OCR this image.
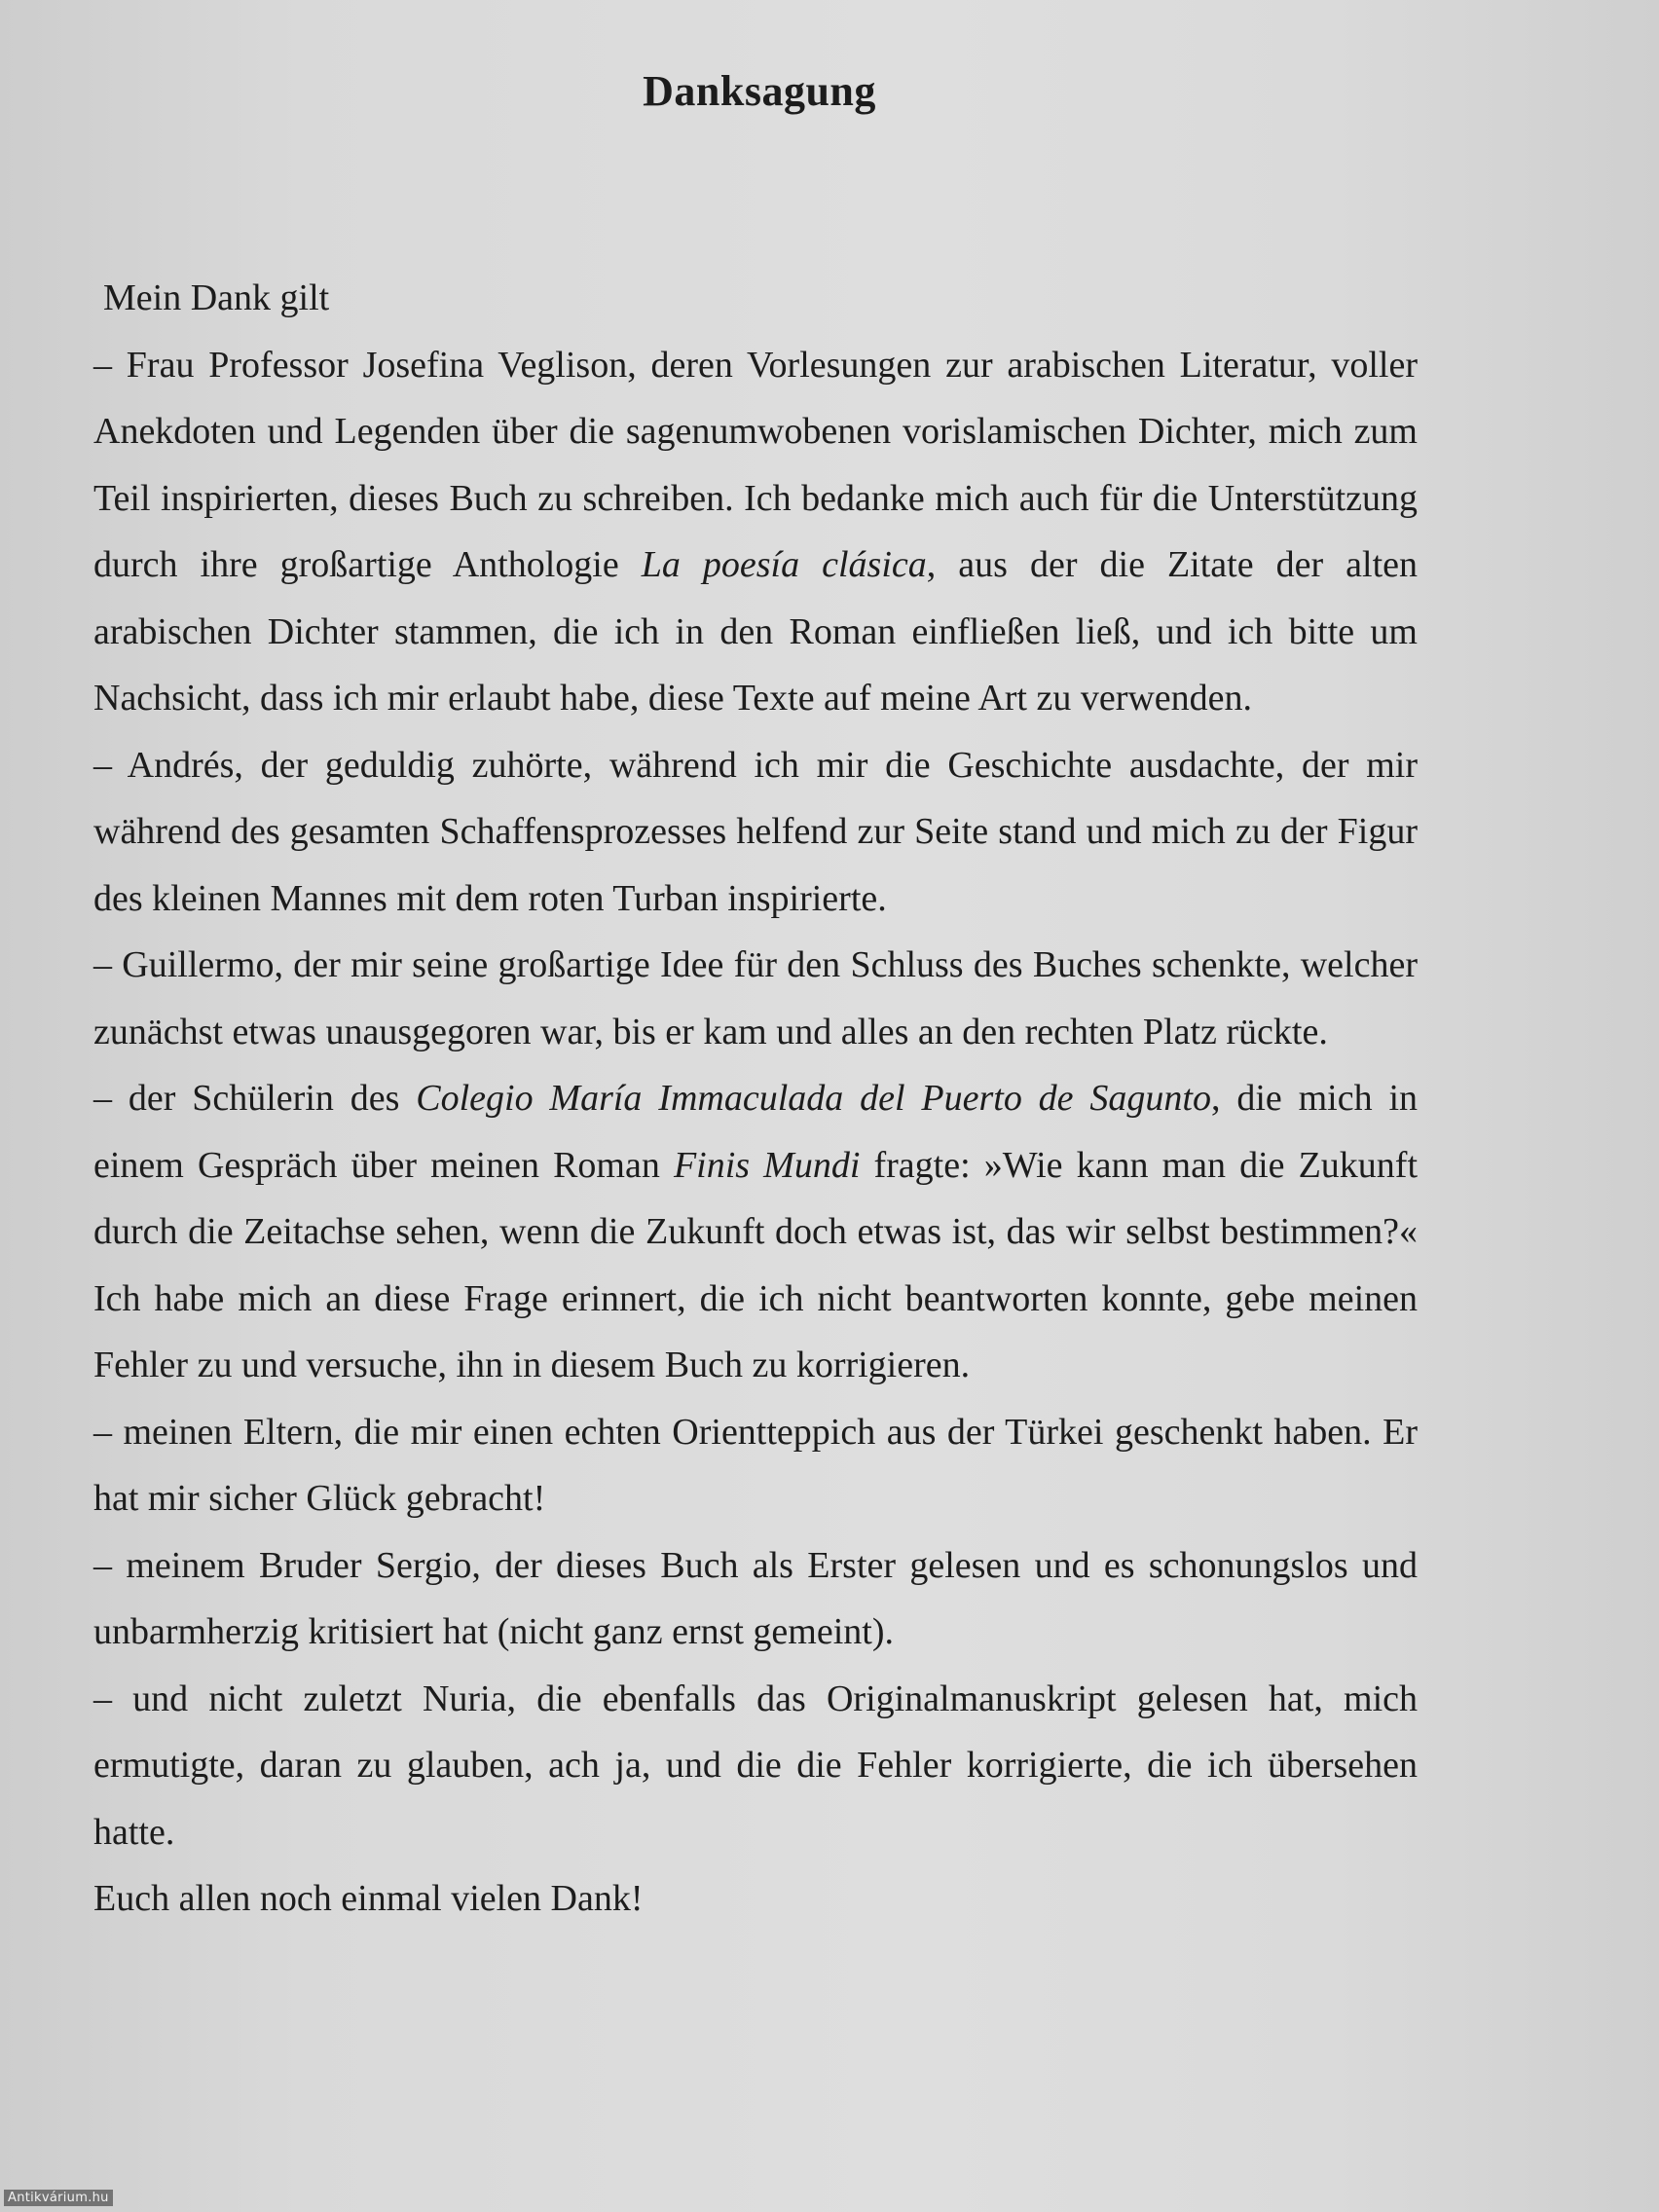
Danksagung

Mein Dank gilt

– Frau Professor Josefina Veglison, deren Vorlesungen zur arabischen Literatur, voller Anekdoten und Legenden über die sagenumwobenen vorislamischen Dichter, mich zum Teil inspirierten, dieses Buch zu schreiben. Ich bedanke mich auch für die Unterstützung durch ihre großartige Anthologie La poesía clásica, aus der die Zitate der alten arabischen Dichter stammen, die ich in den Roman einfließen ließ, und ich bitte um Nachsicht, dass ich mir erlaubt habe, diese Texte auf meine Art zu verwenden.

– Andrés, der geduldig zuhörte, während ich mir die Geschichte ausdachte, der mir während des gesamten Schaffensprozesses helfend zur Seite stand und mich zu der Figur des kleinen Mannes mit dem roten Turban inspirierte.

– Guillermo, der mir seine großartige Idee für den Schluss des Buches schenkte, welcher zunächst etwas unausgegoren war, bis er kam und alles an den rechten Platz rückte.

– der Schülerin des Colegio María Immaculada del Puerto de Sagunto, die mich in einem Gespräch über meinen Roman Finis Mundi fragte: »Wie kann man die Zukunft durch die Zeitachse sehen, wenn die Zukunft doch etwas ist, das wir selbst bestimmen?« Ich habe mich an diese Frage erinnert, die ich nicht beantworten konnte, gebe meinen Fehler zu und versuche, ihn in diesem Buch zu korrigieren.

– meinen Eltern, die mir einen echten Orientteppich aus der Türkei geschenkt haben. Er hat mir sicher Glück gebracht!

– meinem Bruder Sergio, der dieses Buch als Erster gelesen und es schonungslos und unbarmherzig kritisiert hat (nicht ganz ernst gemeint).

– und nicht zuletzt Nuria, die ebenfalls das Originalmanuskript gelesen hat, mich ermutigte, daran zu glauben, ach ja, und die die Fehler korrigierte, die ich übersehen hatte.

Euch allen noch einmal vielen Dank!

Antikvárium.hu
